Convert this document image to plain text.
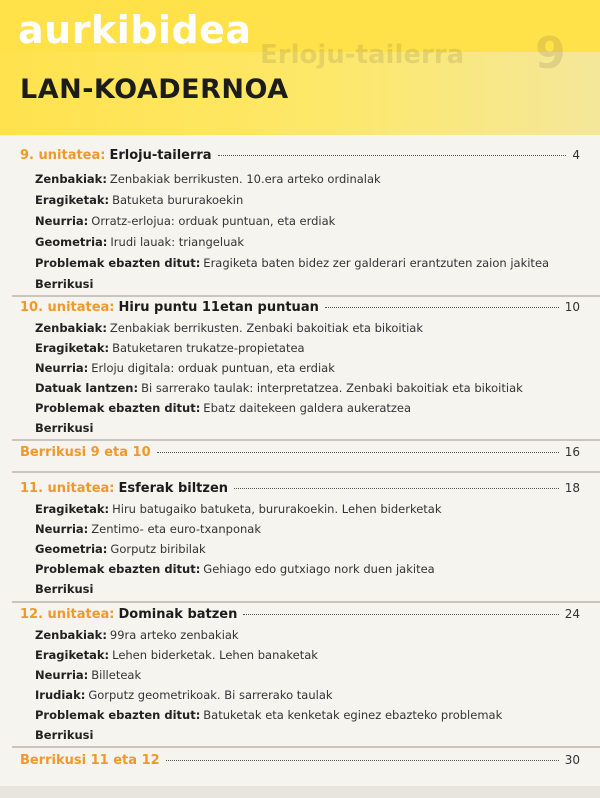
Erloju-tailerra 9
aurkibidea
LAN-KOADERNOA
9. unitatea: Erloju-tailerra	4
Zenbakiak: Zenbakiak berrikusten. 10.era arteko ordinalak
Eragiketak: Batuketa bururakoekin
Neurria: Orratz-erlojua: orduak puntuan, eta erdiak
Geometria: Irudi lauak: triangeluak
Problemak ebazten ditut: Eragiketa baten bidez zer galderari erantzuten zaion jakitea
Berrikusi
10. unitatea: Hiru puntu 11etan puntuan	10
Zenbakiak: Zenbakiak berrikusten. Zenbaki bakoitiak eta bikoitiak
Eragiketak: Batuketaren trukatze-propietatea
Neurria: Erloju digitala: orduak puntuan, eta erdiak
Datuak lantzen: Bi sarrerako taulak: interpretatzea. Zenbaki bakoitiak eta bikoitiak
Problemak ebazten ditut: Ebatz daitekeen galdera aukeratzea
Berrikusi
Berrikusi 9 eta 10	16
11. unitatea: Esferak biltzen	18
Eragiketak: Hiru batugaiko batuketa, bururakoekin. Lehen biderketak
Neurria: Zentimo- eta euro-txanponak
Geometria: Gorputz biribilak
Problemak ebazten ditut: Gehiago edo gutxiago nork duen jakitea
Berrikusi
12. unitatea: Dominak batzen	24
Zenbakiak: 99ra arteko zenbakiak
Eragiketak: Lehen biderketak. Lehen banaketak
Neurria: Billeteak
Irudiak: Gorputz geometrikoak. Bi sarrerako taulak
Problemak ebazten ditut: Batuketak eta kenketak eginez ebazteko problemak
Berrikusi
Berrikusi 11 eta 12	30
